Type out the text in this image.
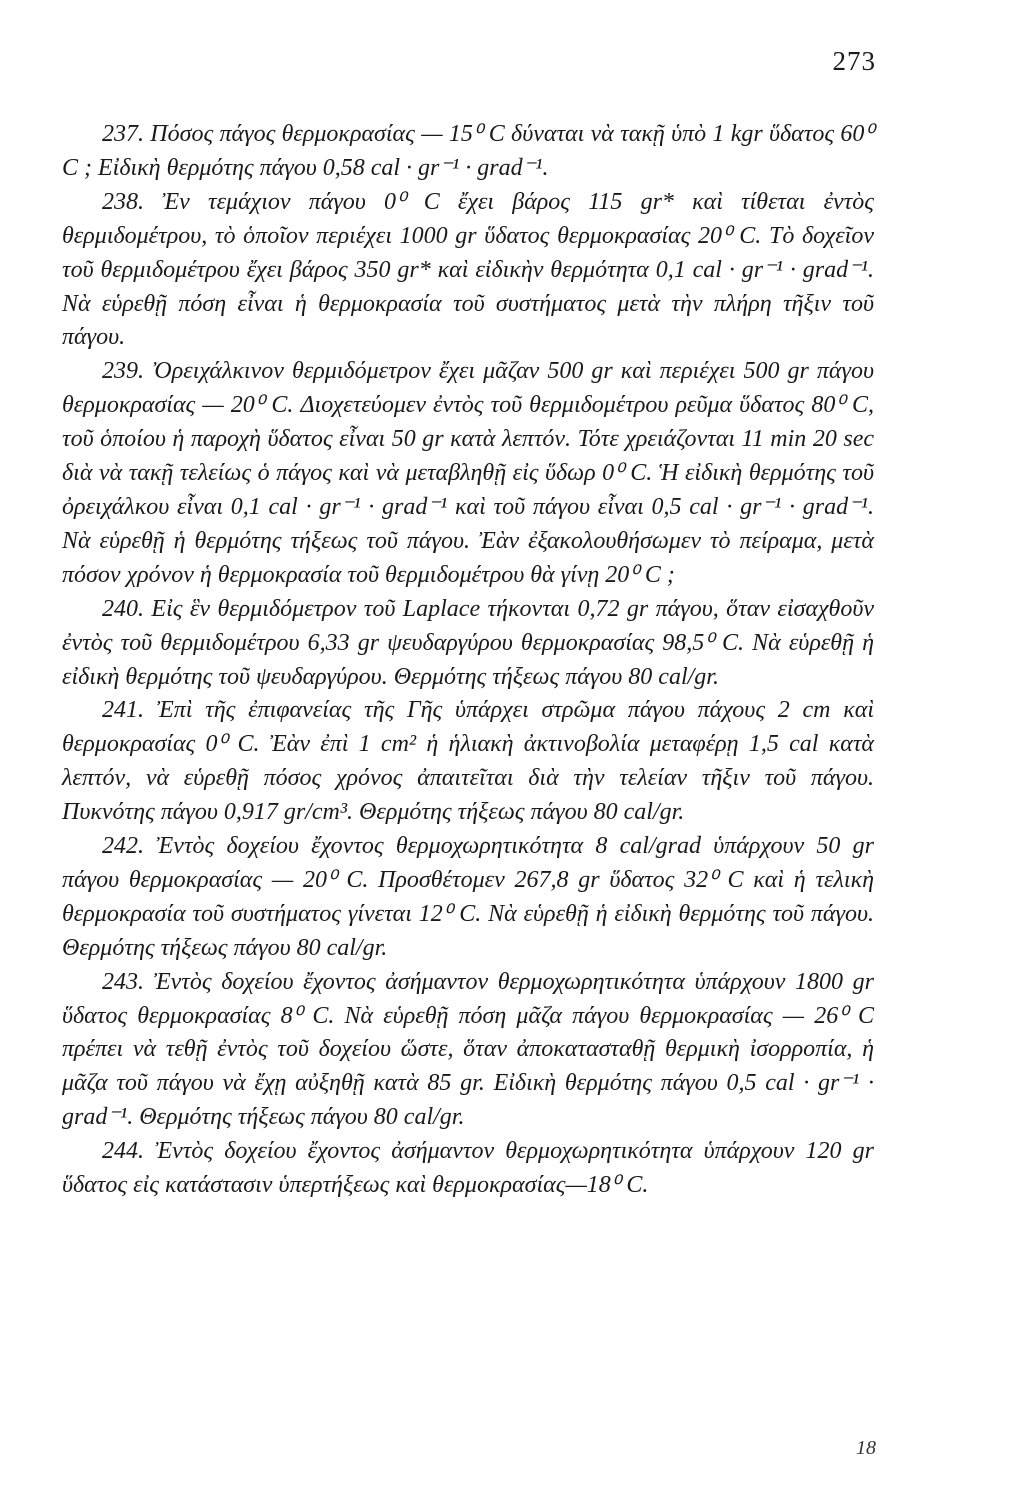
273

237. Πόσος πάγος θερμοκρασίας — 15⁰ C δύναται νὰ τακῇ ὑπὸ 1 kgr ὕδατος 60⁰ C ; Εἰδικὴ θερμότης πάγου 0,58 cal · gr⁻¹ · grad⁻¹.

238. Ἐν τεμάχιον πάγου 0⁰ C ἔχει βάρος 115 gr* καὶ τίθεται ἐντὸς θερμιδομέτρου, τὸ ὁποῖον περιέχει 1000 gr ὕδατος θερμοκρασίας 20⁰ C. Τὸ δοχεῖον τοῦ θερμιδομέτρου ἔχει βάρος 350 gr* καὶ εἰδικὴν θερμότητα 0,1 cal · gr⁻¹ · grad⁻¹. Νὰ εὑρεθῇ πόση εἶναι ἡ θερμοκρασία τοῦ συστήματος μετὰ τὴν πλήρη τῆξιν τοῦ πάγου.

239. Ὀρειχάλκινον θερμιδόμετρον ἔχει μᾶζαν 500 gr καὶ περιέχει 500 gr πάγου θερμοκρασίας — 20⁰ C. Διοχετεύομεν ἐντὸς τοῦ θερμιδομέτρου ρεῦμα ὕδατος 80⁰ C, τοῦ ὁποίου ἡ παροχὴ ὕδατος εἶναι 50 gr κατὰ λεπτόν. Τότε χρειάζονται 11 min 20 sec διὰ νὰ τακῇ τελείως ὁ πάγος καὶ νὰ μεταβληθῇ εἰς ὕδωρ 0⁰ C. Ἡ εἰδικὴ θερμότης τοῦ ὀρειχάλκου εἶναι 0,1 cal · gr⁻¹ · grad⁻¹ καὶ τοῦ πάγου εἶναι 0,5 cal · gr⁻¹ · grad⁻¹. Νὰ εὑρεθῇ ἡ θερμότης τήξεως τοῦ πάγου. Ἐὰν ἐξακολουθήσωμεν τὸ πείραμα, μετὰ πόσον χρόνον ἡ θερμοκρασία τοῦ θερμιδομέτρου θὰ γίνῃ 20⁰ C ;

240. Εἰς ἓν θερμιδόμετρον τοῦ Laplace τήκονται 0,72 gr πάγου, ὅταν εἰσαχθοῦν ἐντὸς τοῦ θερμιδομέτρου 6,33 gr ψευδαργύρου θερμοκρασίας 98,5⁰ C. Νὰ εὑρεθῇ ἡ εἰδικὴ θερμότης τοῦ ψευδαργύρου. Θερμότης τήξεως πάγου 80 cal/gr.

241. Ἐπὶ τῆς ἐπιφανείας τῆς Γῆς ὑπάρχει στρῶμα πάγου πάχους 2 cm καὶ θερμοκρασίας 0⁰ C. Ἐὰν ἐπὶ 1 cm² ἡ ἡλιακὴ ἀκτινοβολία μεταφέρῃ 1,5 cal κατὰ λεπτόν, νὰ εὑρεθῇ πόσος χρόνος ἀπαιτεῖται διὰ τὴν τελείαν τῆξιν τοῦ πάγου. Πυκνότης πάγου 0,917 gr/cm³. Θερμότης τήξεως πάγου 80 cal/gr.

242. Ἐντὸς δοχείου ἔχοντος θερμοχωρητικότητα 8 cal/grad ὑπάρχουν 50 gr πάγου θερμοκρασίας — 20⁰ C. Προσθέτομεν 267,8 gr ὕδατος 32⁰ C καὶ ἡ τελικὴ θερμοκρασία τοῦ συστήματος γίνεται 12⁰ C. Νὰ εὑρεθῇ ἡ εἰδικὴ θερμότης τοῦ πάγου. Θερμότης τήξεως πάγου 80 cal/gr.

243. Ἐντὸς δοχείου ἔχοντος ἀσήμαντον θερμοχωρητικότητα ὑπάρχουν 1800 gr ὕδατος θερμοκρασίας 8⁰ C. Νὰ εὑρεθῇ πόση μᾶζα πάγου θερμοκρασίας — 26⁰ C πρέπει νὰ τεθῇ ἐντὸς τοῦ δοχείου ὥστε, ὅταν ἀποκατασταθῇ θερμικὴ ἰσορροπία, ἡ μᾶζα τοῦ πάγου νὰ ἔχῃ αὐξηθῇ κατὰ 85 gr. Εἰδικὴ θερμότης πάγου 0,5 cal · gr⁻¹ · grad⁻¹. Θερμότης τήξεως πάγου 80 cal/gr.

244. Ἐντὸς δοχείου ἔχοντος ἀσήμαντον θερμοχωρητικότητα ὑπάρχουν 120 gr ὕδατος εἰς κατάστασιν ὑπερτήξεως καὶ θερμοκρασίας—18⁰ C.

18
